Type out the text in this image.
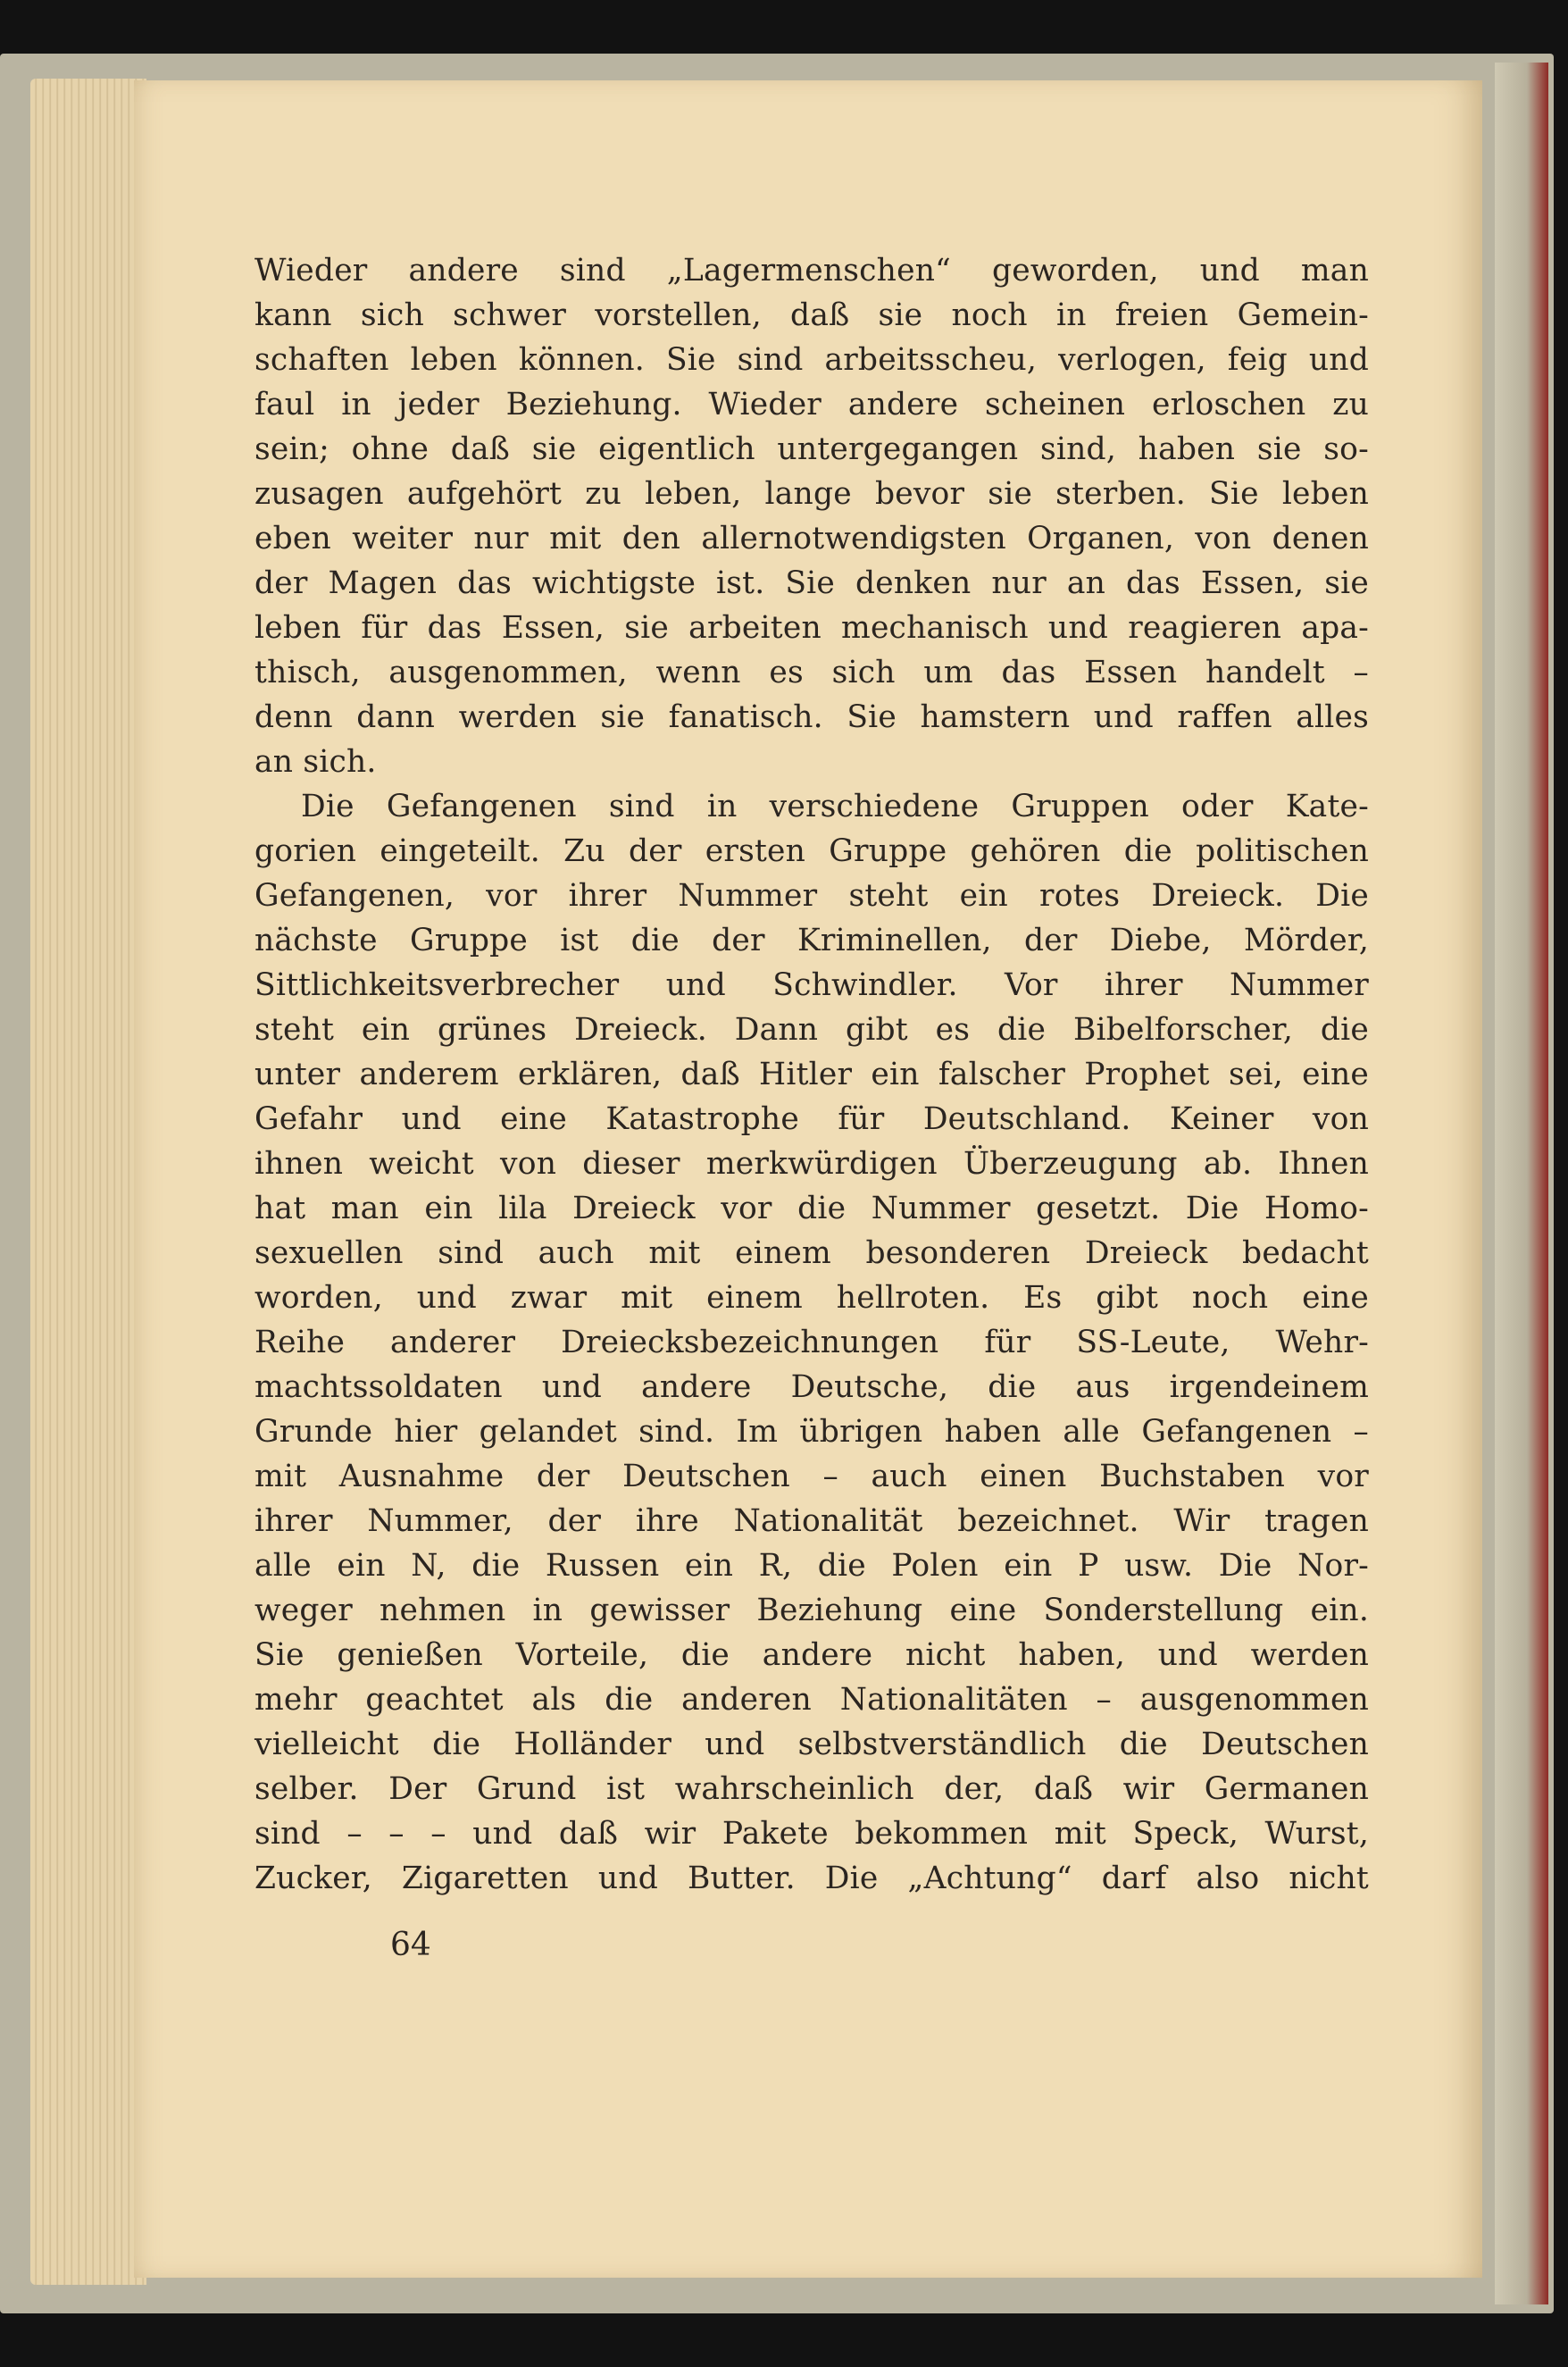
Wieder andere sind „Lagermenschen“ geworden, und man
kann sich schwer vorstellen, daß sie noch in freien Gemein-
schaften leben können. Sie sind arbeitsscheu, verlogen, feig und
faul in jeder Beziehung. Wieder andere scheinen erloschen zu
sein; ohne daß sie eigentlich untergegangen sind, haben sie so-
zusagen aufgehört zu leben, lange bevor sie sterben. Sie leben
eben weiter nur mit den allernotwendigsten Organen, von denen
der Magen das wichtigste ist. Sie denken nur an das Essen, sie
leben für das Essen, sie arbeiten mechanisch und reagieren apa-
thisch, ausgenommen, wenn es sich um das Essen handelt –
denn dann werden sie fanatisch. Sie hamstern und raffen alles
an sich.
Die Gefangenen sind in verschiedene Gruppen oder Kate-
gorien eingeteilt. Zu der ersten Gruppe gehören die politischen
Gefangenen, vor ihrer Nummer steht ein rotes Dreieck. Die
nächste Gruppe ist die der Kriminellen, der Diebe, Mörder,
Sittlichkeitsverbrecher und Schwindler. Vor ihrer Nummer
steht ein grünes Dreieck. Dann gibt es die Bibelforscher, die
unter anderem erklären, daß Hitler ein falscher Prophet sei, eine
Gefahr und eine Katastrophe für Deutschland. Keiner von
ihnen weicht von dieser merkwürdigen Überzeugung ab. Ihnen
hat man ein lila Dreieck vor die Nummer gesetzt. Die Homo-
sexuellen sind auch mit einem besonderen Dreieck bedacht
worden, und zwar mit einem hellroten. Es gibt noch eine
Reihe anderer Dreiecksbezeichnungen für SS-Leute, Wehr-
machtssoldaten und andere Deutsche, die aus irgendeinem
Grunde hier gelandet sind. Im übrigen haben alle Gefangenen –
mit Ausnahme der Deutschen – auch einen Buchstaben vor
ihrer Nummer, der ihre Nationalität bezeichnet. Wir tragen
alle ein N, die Russen ein R, die Polen ein P usw. Die Nor-
weger nehmen in gewisser Beziehung eine Sonderstellung ein.
Sie genießen Vorteile, die andere nicht haben, und werden
mehr geachtet als die anderen Nationalitäten – ausgenommen
vielleicht die Holländer und selbstverständlich die Deutschen
selber. Der Grund ist wahrscheinlich der, daß wir Germanen
sind – – – und daß wir Pakete bekommen mit Speck, Wurst,
Zucker, Zigaretten und Butter. Die „Achtung“ darf also nicht
64
